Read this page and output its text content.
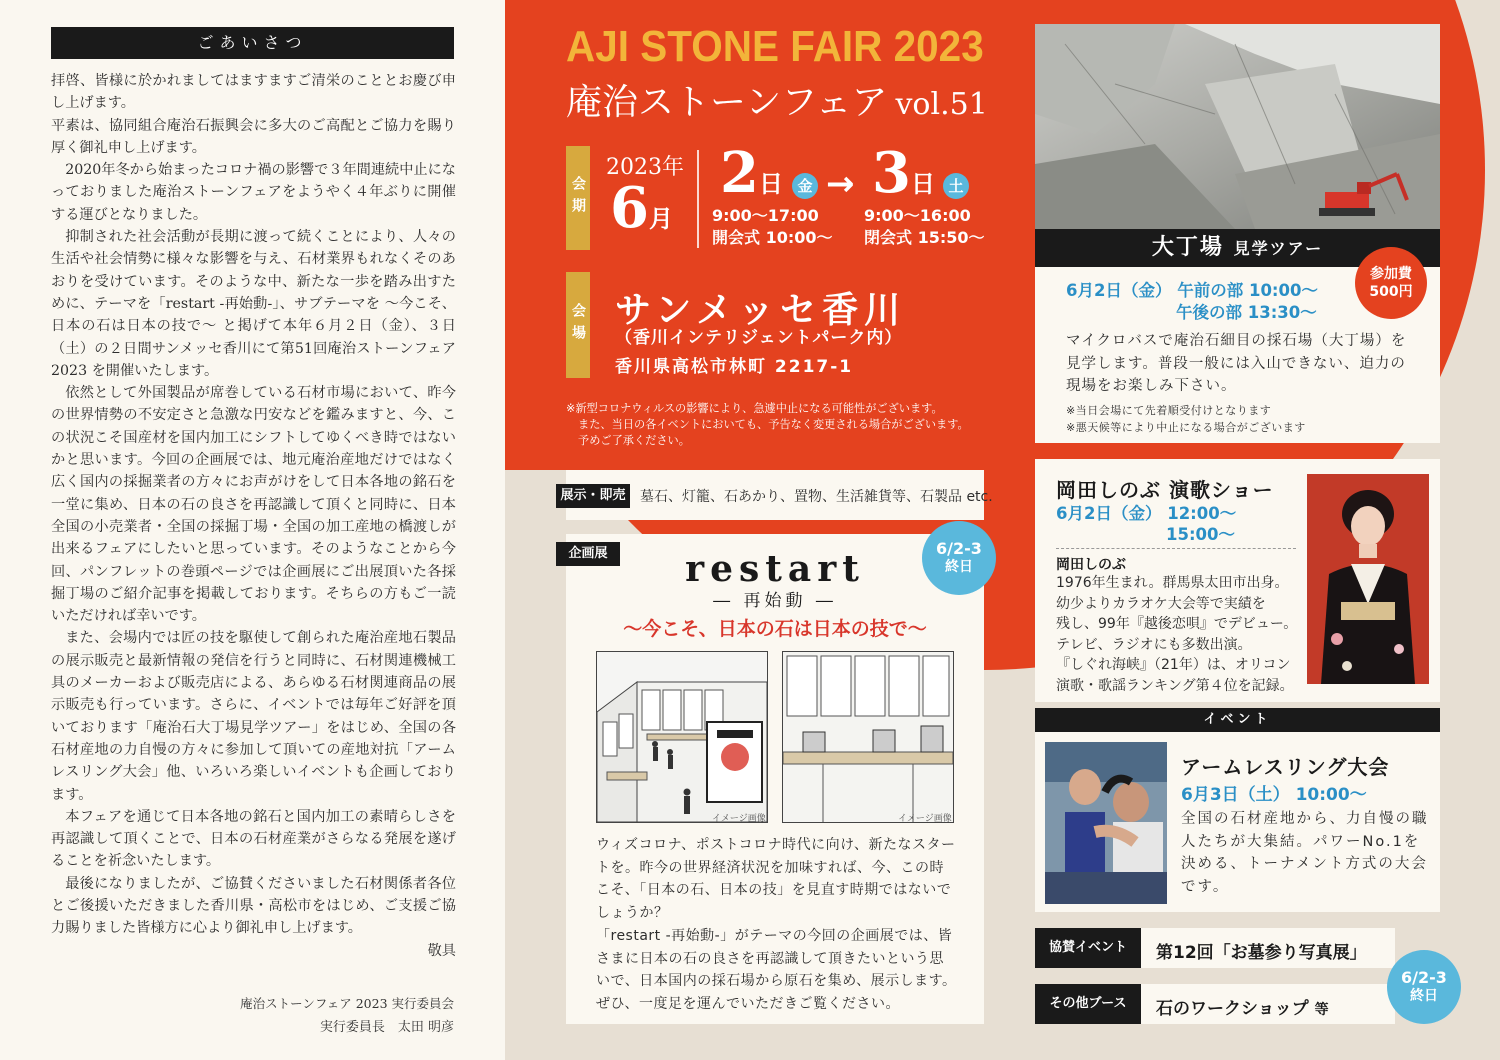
ごあいさつ

拝啓、皆様に於かれましてはますますご清栄のこととお慶び申し上げます。

平素は、協同組合庵治石振興会に多大のご高配とご協力を賜り厚く御礼申し上げます。

2020年冬から始まったコロナ禍の影響で３年間連続中止になっておりました庵治ストーンフェアをようやく４年ぶりに開催する運びとなりました。

抑制された社会活動が長期に渡って続くことにより、人々の生活や社会情勢に様々な影響を与え、石材業界もれなくそのあおりを受けています。そのような中、新たな一歩を踏み出すために、テーマを「restart -再始動-」、サブテーマを ～今こそ、日本の石は日本の技で～ と掲げて本年６月２日（金）、３日（土）の２日間サンメッセ香川にて第51回庵治ストーンフェア 2023 を開催いたします。

依然として外国製品が席巻している石材市場において、昨今の世界情勢の不安定さと急激な円安などを鑑みますと、今、この状況こそ国産材を国内加工にシフトしてゆくべき時ではないかと思います。今回の企画展では、地元庵治産地だけではなく広く国内の採掘業者の方々にお声がけをして日本各地の銘石を一堂に集め、日本の石の良さを再認識して頂くと同時に、日本全国の小売業者・全国の採掘丁場・全国の加工産地の橋渡しが出来るフェアにしたいと思っています。そのようなことから今回、パンフレットの巻頭ページでは企画展にご出展頂いた各採掘丁場のご紹介記事を掲載しております。そちらの方もご一読いただければ幸いです。

また、会場内では匠の技を駆使して創られた庵治産地石製品の展示販売と最新情報の発信を行うと同時に、石材関連機械工具のメーカーおよび販売店による、あらゆる石材関連商品の展示販売も行っています。さらに、イベントでは毎年ご好評を頂いております「庵治石大丁場見学ツアー」をはじめ、全国の各石材産地の力自慢の方々に参加して頂いての産地対抗「アームレスリング大会」他、いろいろ楽しいイベントも企画しております。

本フェアを通じて日本各地の銘石と国内加工の素晴らしさを再認識して頂くことで、日本の石材産業がさらなる発展を遂げることを祈念いたします。

最後になりましたが、ご協賛くださいました石材関係者各位とご後援いただきました香川県・高松市をはじめ、ご支援ご協力賜りました皆様方に心より御礼申し上げます。

敬具

庵治ストーンフェア 2023 実行委員会
実行委員長　太田 明彦
AJI STONE FAIR 2023
庵治ストーンフェア vol.51
会期
2023年
6月
2日 金 → 3日 土
9:00～17:00
開会式 10:00～
9:00～16:00
閉会式 15:50～
会場 サンメッセ香川
（香川インテリジェントパーク内）
香川県高松市林町 2217-1
※新型コロナウィルスの影響により、急遽中止になる可能性がございます。
また、当日の各イベントにおいても、予告なく変更される場合がございます。
予めご了承ください。
展示・即売	墓石、灯籠、石あかり、置物、生活雑貨等、石製品 etc.
企画展	6/2-3
終日
restart
― 再始動 ―
～今こそ、日本の石は日本の技で～
イメージ画像	イメージ画像

ウィズコロナ、ポストコロナ時代に向け、新たなスタートを。昨今の世界経済状況を加味すれば、今、この時こそ、「日本の石、日本の技」を見直す時期ではないでしょうか？

「restart -再始動-」がテーマの今回の企画展では、皆さまに日本の石の良さを再認識して頂きたいという思いで、日本国内の採石場から原石を集め、展示します。ぜひ、一度足を運んでいただきご覧ください。

大丁場 見学ツアー
参加費
500円
6月2日（金） 午前の部 10:00～
午後の部 13:30～
マイクロバスで庵治石細目の採石場（大丁場）を見学します。普段一般には入山できない、迫力の現場をお楽しみ下さい。
※当日会場にて先着順受付けとなります
※悪天候等により中止になる場合がございます
岡田しのぶ 演歌ショー
6月2日（金） 12:00～
15:00～
岡田しのぶ
1976年生まれ。群馬県太田市出身。
幼少よりカラオケ大会等で実績を
残し、99年『越後恋唄』でデビュー。
テレビ、ラジオにも多数出演。
『しぐれ海峡』（21年）は、オリコン
演歌・歌謡ランキング第４位を記録。
イベント
アームレスリング大会
6月3日（土） 10:00～
全国の石材産地から、力自慢の職人たちが大集結。パワーNo.1を決める、トーナメント方式の大会です。
協賛イベント	第12回「お墓参り写真展」
その他ブース	石のワークショップ 等
6/2-3
終日
